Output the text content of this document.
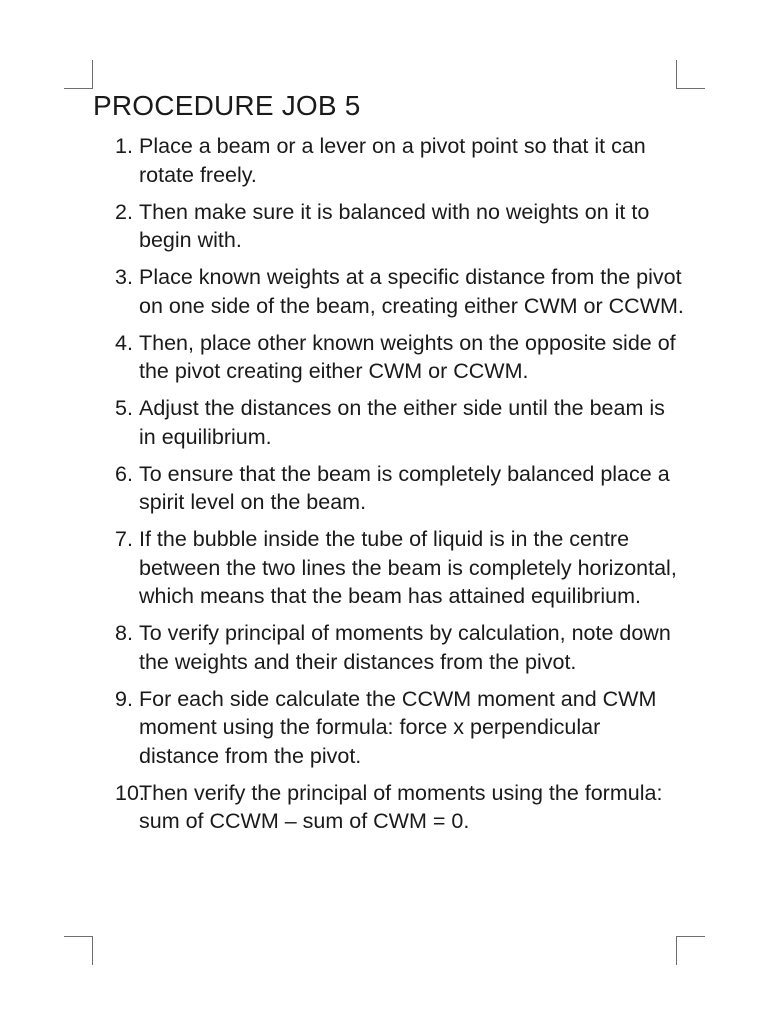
PROCEDURE JOB 5
1. Place a beam or a lever on a pivot point so that it can rotate freely.
2. Then make sure it is balanced with no weights on it to begin with.
3. Place known weights at a specific distance from the pivot on one side of the beam, creating either CWM or CCWM.
4. Then, place other known weights on the opposite side of the pivot creating either CWM or CCWM.
5. Adjust the distances on the either side until the beam is in equilibrium.
6. To ensure that the beam is completely balanced place a spirit level on the beam.
7. If the bubble inside the tube of liquid is in the centre between the two lines the beam is completely horizontal, which means that the beam has attained equilibrium.
8. To verify principal of moments by calculation, note down the weights and their distances from the pivot.
9. For each side calculate the CCWM moment and CWM moment using the formula: force x perpendicular distance from the pivot.
10.
Then verify the principal of moments using the formula: sum of CCWM – sum of CWM = 0.
